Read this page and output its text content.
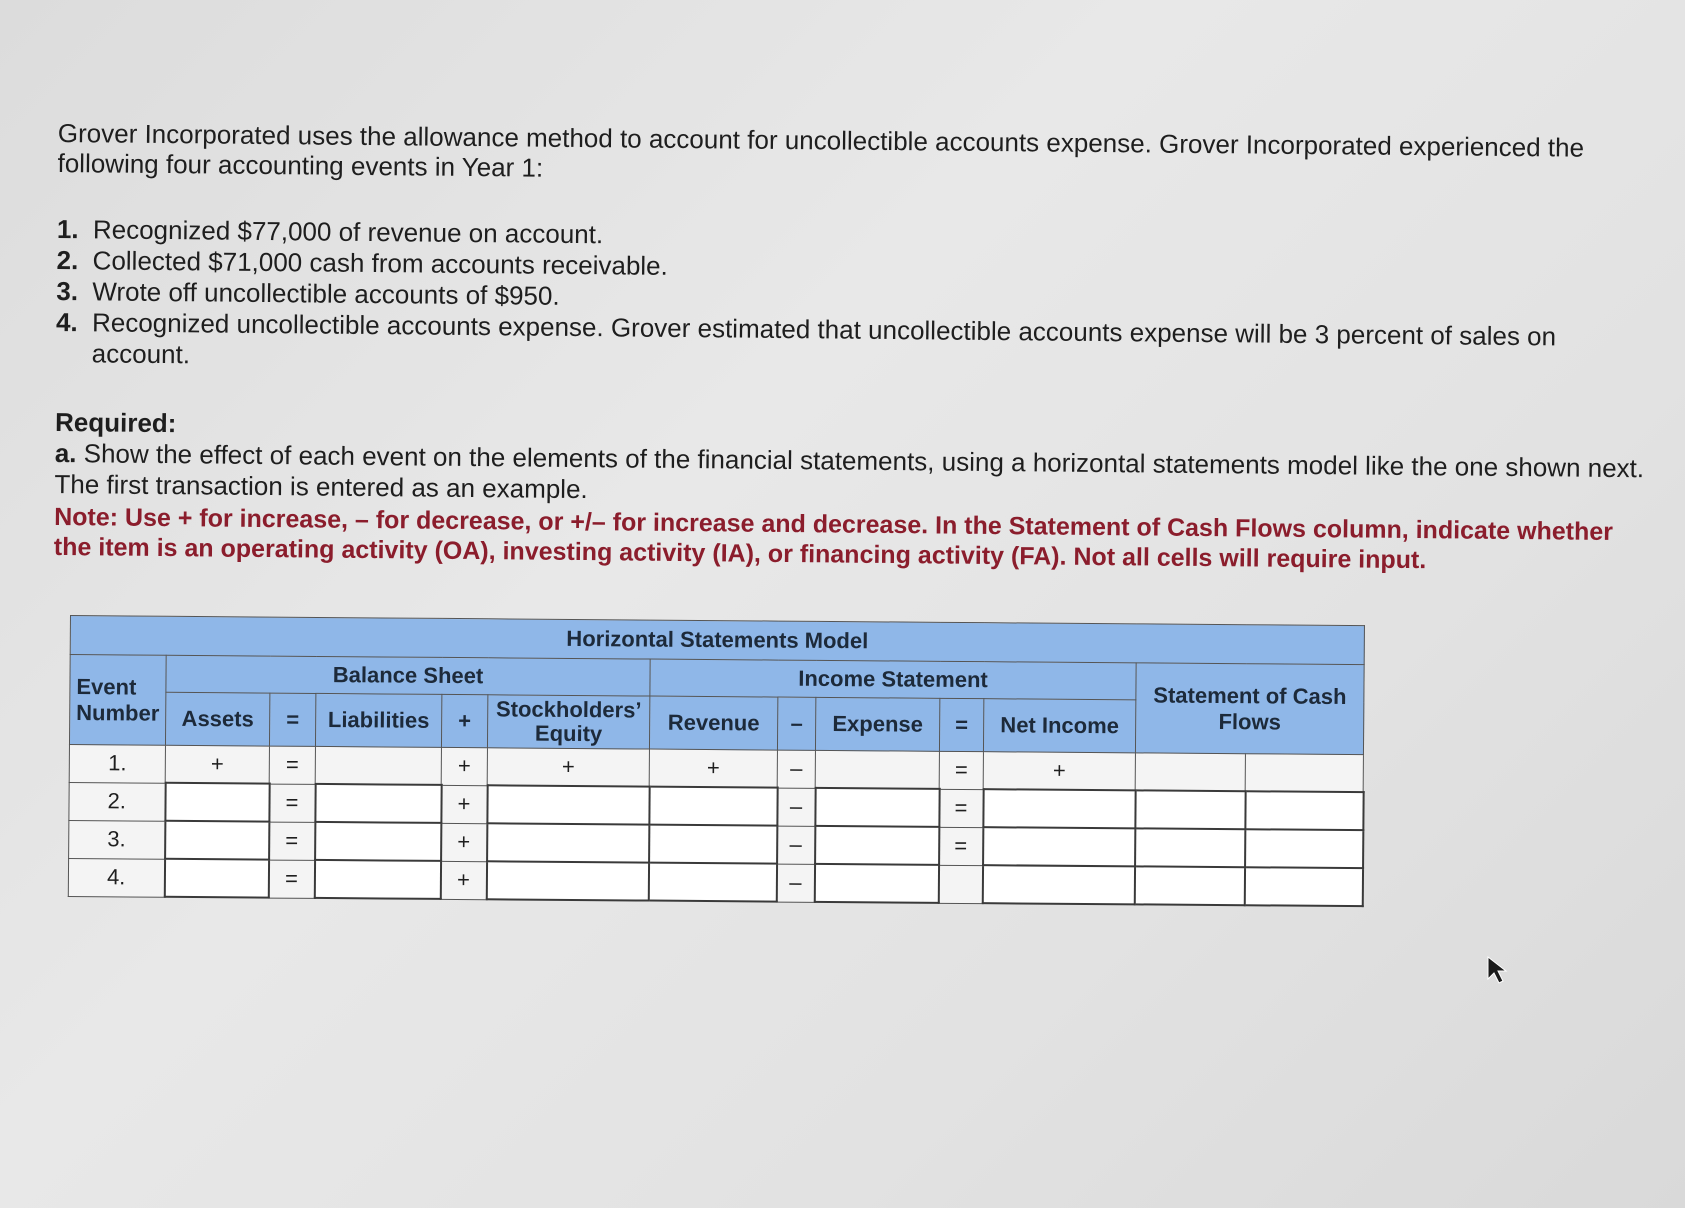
Grover Incorporated uses the allowance method to account for uncollectible accounts expense. Grover Incorporated experienced the following four accounting events in Year 1:

1. Recognized $77,000 of revenue on account.
2. Collected $71,000 cash from accounts receivable.
3. Wrote off uncollectible accounts of $950.
4. Recognized uncollectible accounts expense. Grover estimated that uncollectible accounts expense will be 3 percent of sales on account.
Required:
a. Show the effect of each event on the elements of the financial statements, using a horizontal statements model like the one shown next. The first transaction is entered as an example.
Note: Use + for increase, – for decrease, or +/– for increase and decrease. In the Statement of Cash Flows column, indicate whether the item is an operating activity (OA), investing activity (IA), or financing activity (FA). Not all cells will require input.
Horizontal Statements Model												
Event Number	Balance Sheet					Income Statement					Statement of Cash Flows	
	Assets	=	Liabilities	+	Stockholders’ Equity	Revenue	–	Expense	=	Net Income		
1.	+	=		+	+	+	–		=	+		
2.		=		+			–		=			
3.		=		+			–		=			
4.		=		+			–					
